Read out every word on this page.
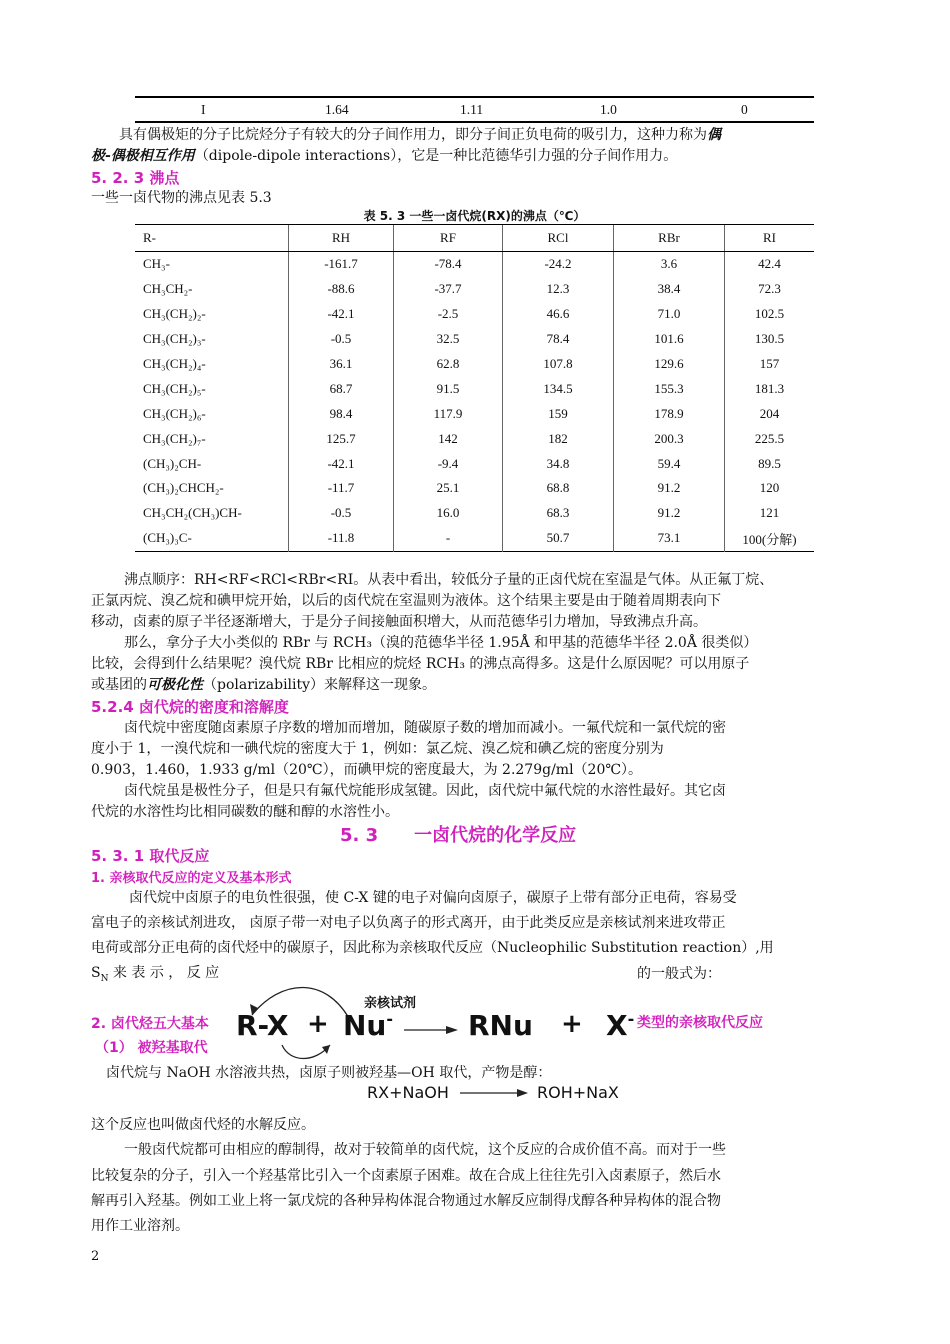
I	1.64	1.11	1.0	0
具有偶极矩的分子比烷烃分子有较大的分子间作用力，即分子间正负电荷的吸引力，这种力称为偶
极-偶极相互作用（dipole-dipole interactions），它是一种比范德华引力强的分子间作用力。
5. 2. 3 沸点
一些一卤代物的沸点见表 5.3
表 5. 3 一些一卤代烷(RX)的沸点（℃）
R-	RH	RF	RCl	RBr	RI
CH₃-	-161.7	-78.4	-24.2	3.6	42.4
CH₃CH₂-	-88.6	-37.7	12.3	38.4	72.3
CH₃(CH₂)₂-	-42.1	-2.5	46.6	71.0	102.5
CH₃(CH₂)₃-	-0.5	32.5	78.4	101.6	130.5
CH₃(CH₂)₄-	36.1	62.8	107.8	129.6	157
CH₃(CH₂)₅-	68.7	91.5	134.5	155.3	181.3
CH₃(CH₂)₆-	98.4	117.9	159	178.9	204
CH₃(CH₂)₇-	125.7	142	182	200.3	225.5
(CH₃)₂CH-	-42.1	-9.4	34.8	59.4	89.5
(CH₃)₂CHCH₂-	-11.7	25.1	68.8	91.2	120
CH₃CH₂(CH₃)CH-	-0.5	16.0	68.3	91.2	121
(CH₃)₃C-	-11.8	-	50.7	73.1	100(分解)
沸点顺序：RH<RF<RCl<RBr<RI。从表中看出，较低分子量的正卤代烷在室温是气体。从正氟丁烷、
正氯丙烷、溴乙烷和碘甲烷开始，以后的卤代烷在室温则为液体。这个结果主要是由于随着周期表向下
移动，卤素的原子半径逐渐增大，于是分子间接触面积增大，从而范德华引力增加，导致沸点升高。
那么，拿分子大小类似的 RBr 与 RCH₃（溴的范德华半径 1.95Å 和甲基的范德华半径 2.0Å 很类似）
比较，会得到什么结果呢？溴代烷 RBr 比相应的烷烃 RCH₃ 的沸点高得多。这是什么原因呢？可以用原子
或基团的可极化性（polarizability）来解释这一现象。
5.2.4 卤代烷的密度和溶解度
卤代烷中密度随卤素原子序数的增加而增加，随碳原子数的增加而减小。一氟代烷和一氯代烷的密
度小于 1，一溴代烷和一碘代烷的密度大于 1，例如：氯乙烷、溴乙烷和碘乙烷的密度分别为
0.903，1.460，1.933 g/ml（20℃），而碘甲烷的密度最大，为 2.279g/ml（20℃）。
卤代烷虽是极性分子，但是只有氟代烷能形成氢键。因此，卤代烷中氟代烷的水溶性最好。其它卤
代烷的水溶性均比相同碳数的醚和醇的水溶性小。
5. 3　　一卤代烷的化学反应
5. 3. 1 取代反应
1. 亲核取代反应的定义及基本形式
卤代烷中卤原子的电负性很强，使 C-X 键的电子对偏向卤原子，碳原子上带有部分正电荷，容易受
富电子的亲核试剂进攻， 卤原子带一对电子以负离子的形式离开，由于此类反应是亲核试剂来进攻带正
电荷或部分正电荷的卤代烃中的碳原子，因此称为亲核取代反应（Nucleophilic Substitution reaction）,用
$S_N$ 来 表 示 ， 反 应	的一般式为：
亲核试剂
R-X + Nu-	RNu + X-
2. 卤代烃五大基本	类型的亲核取代反应
（1） 被羟基取代
卤代烷与 NaOH 水溶液共热，卤原子则被羟基—OH 取代，产物是醇：
RX+NaOH	ROH+NaX
这个反应也叫做卤代烃的水解反应。
一般卤代烷都可由相应的醇制得，故对于较简单的卤代烷，这个反应的合成价值不高。而对于一些
比较复杂的分子，引入一个羟基常比引入一个卤素原子困难。故在合成上往往先引入卤素原子，然后水
解再引入羟基。例如工业上将一氯戊烷的各种异构体混合物通过水解反应制得戊醇各种异构体的混合物
用作工业溶剂。
2
